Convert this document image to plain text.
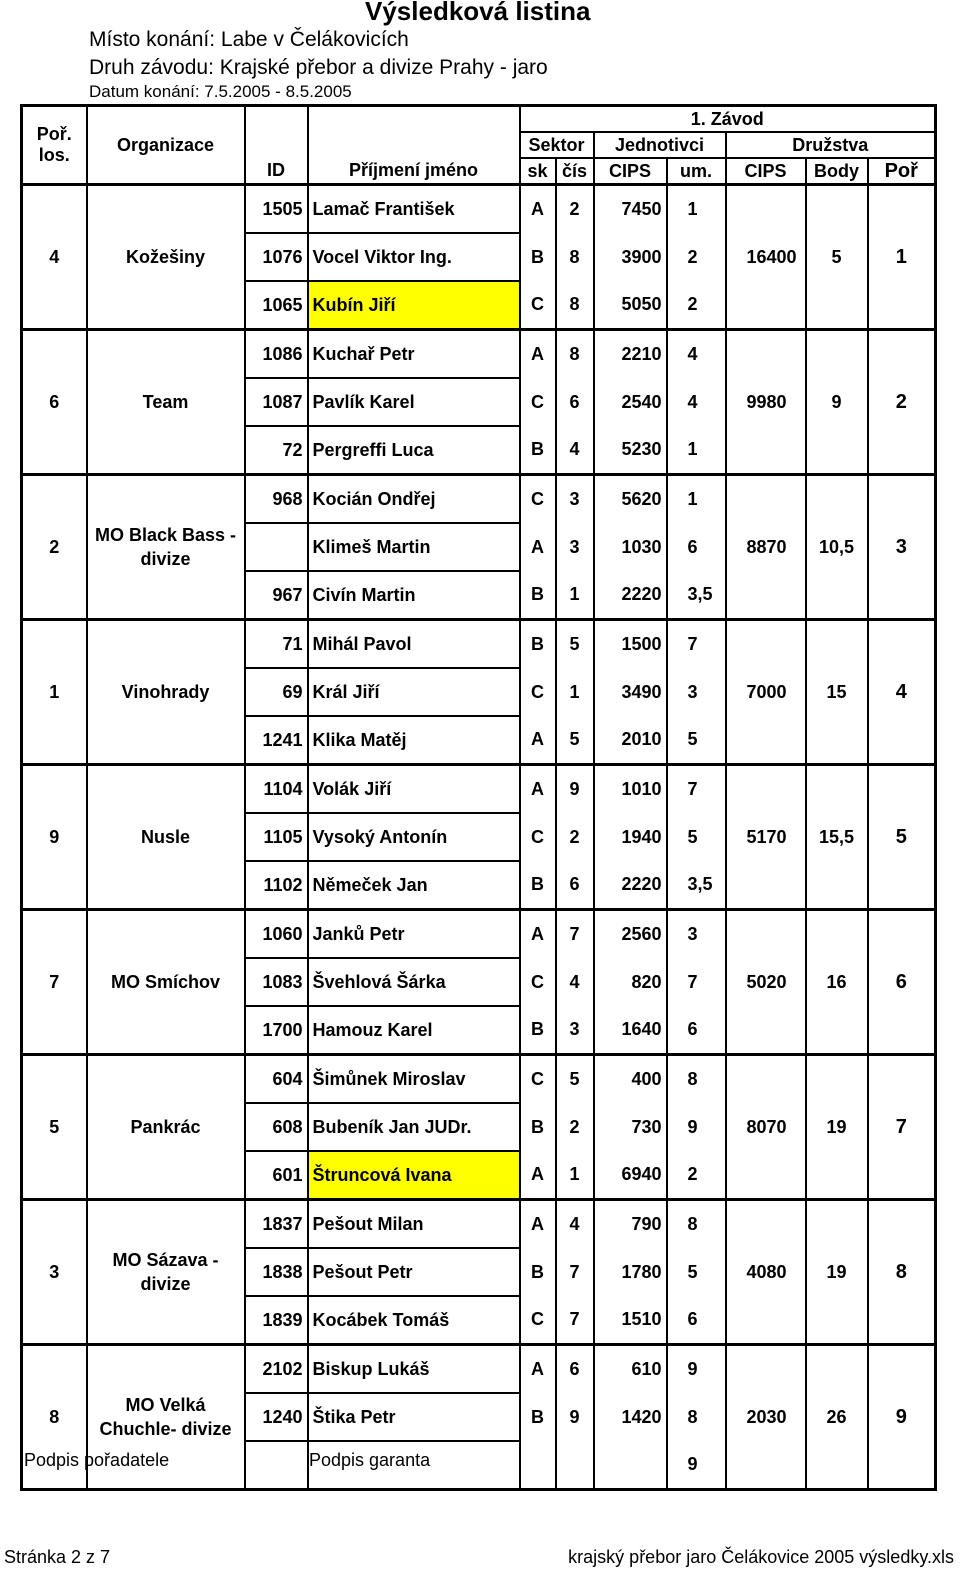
Výsledková listina
Místo konání: Labe v Čelákovicích
Druh závodu: Krajské přebor a divize Prahy - jaro
Datum konání: 7.5.2005 - 8.5.2005
Poř.
los.	Organizace			1. Závod						
				Sektor		Jednotivci		Družstva		
		ID	Příjmení jméno	sk	čís	CIPS	um.	CIPS	Body	Poř
4	Kožešiny	1505	Lamač František	A	2	7450	1	16400	5	1
		1076	Vocel Viktor Ing.	B	8	3900	2			
		1065	Kubín Jiří	C	8	5050	2			
6	Team	1086	Kuchař Petr	A	8	2210	4	9980	9	2
		1087	Pavlík Karel	C	6	2540	4			
		72	Pergreffi Luca	B	4	5230	1			
2	MO Black Bass - divize	968	Kocián Ondřej	C	3	5620	1	8870	10,5	3
			Klimeš Martin	A	3	1030	6			
		967	Civín Martin	B	1	2220	3,5			
1	Vinohrady	71	Mihál Pavol	B	5	1500	7	7000	15	4
		69	Král Jiří	C	1	3490	3			
		1241	Klika Matěj	A	5	2010	5			
9	Nusle	1104	Volák Jiří	A	9	1010	7	5170	15,5	5
		1105	Vysoký Antonín	C	2	1940	5			
		1102	Němeček Jan	B	6	2220	3,5			
7	MO Smíchov	1060	Janků Petr	A	7	2560	3	5020	16	6
		1083	Švehlová Šárka	C	4	820	7			
		1700	Hamouz Karel	B	3	1640	6			
5	Pankrác	604	Šimůnek Miroslav	C	5	400	8	8070	19	7
		608	Bubeník Jan JUDr.	B	2	730	9			
		601	Štruncová Ivana	A	1	6940	2			
3	MO Sázava - divize	1837	Pešout Milan	A	4	790	8	4080	19	8
		1838	Pešout Petr	B	7	1780	5			
		1839	Kocábek Tomáš	C	7	1510	6			
8	MO Velká Chuchle- divize	2102	Biskup Lukáš	A	6	610	9	2030	26	9
		1240	Štika Petr	B	9	1420	8			
							9			
Podpis pořadatele	Podpis garanta
Stránka 2 z 7	krajský přebor jaro Čelákovice 2005 výsledky.xls
